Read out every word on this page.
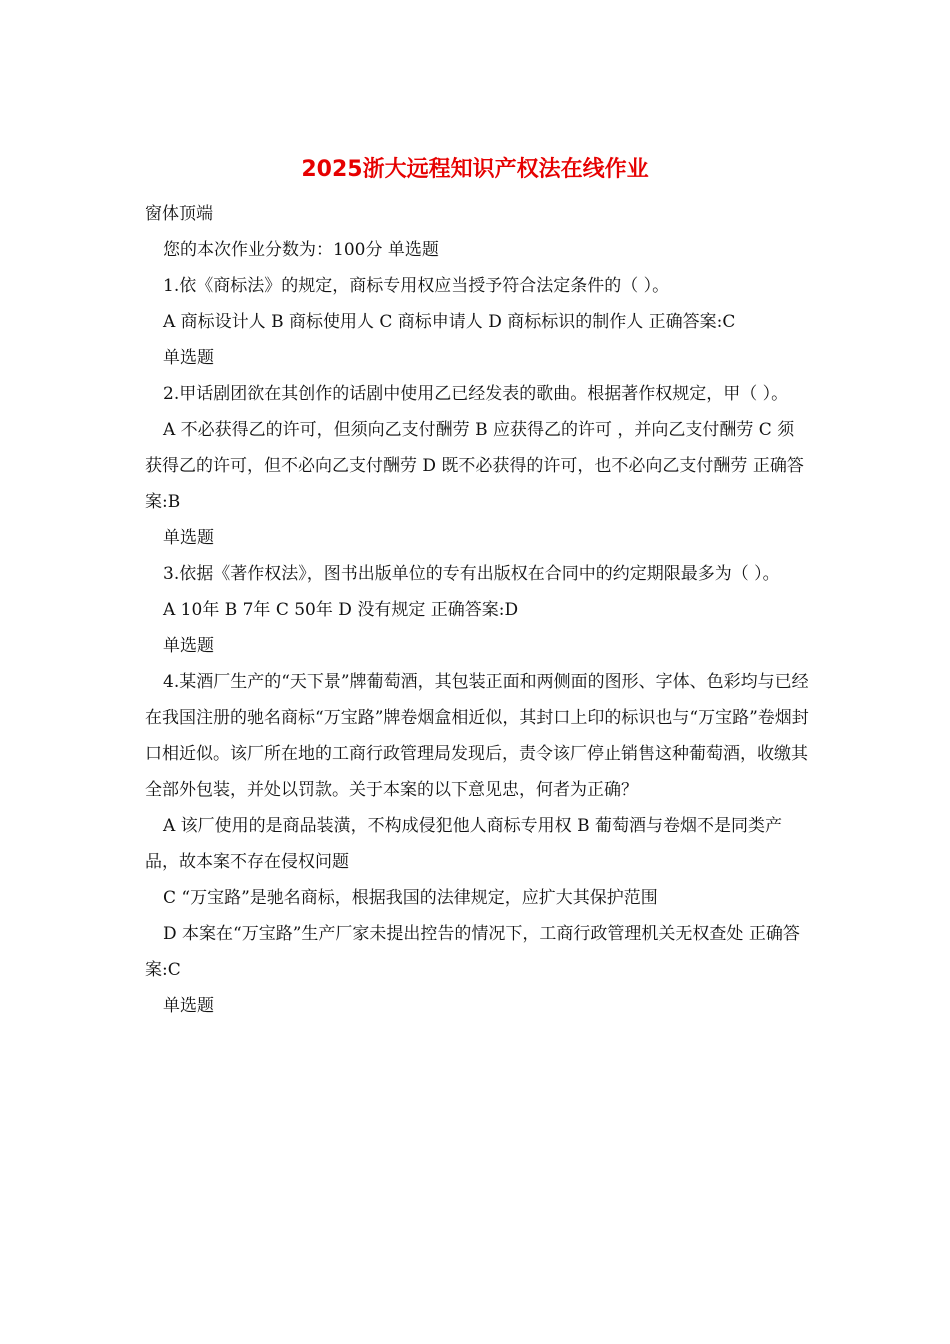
2025浙大远程知识产权法在线作业

窗体顶端

您的本次作业分数为：100分 单选题

1.依《商标法》的规定，商标专用权应当授予符合法定条件的（ ）。

A 商标设计人 B 商标使用人 C 商标申请人 D 商标标识的制作人 正确答案:C

单选题

2.甲话剧团欲在其创作的话剧中使用乙已经发表的歌曲。根据著作权规定，甲（ ）。

A 不必获得乙的许可，但须向乙支付酬劳 B 应获得乙的许可 ，并向乙支付酬劳 C 须获得乙的许可，但不必向乙支付酬劳 D 既不必获得的许可，也不必向乙支付酬劳 正确答案:B

单选题

3.依据《著作权法》，图书出版单位的专有出版权在合同中的约定期限最多为（ ）。

A 10年 B 7年 C 50年 D 没有规定 正确答案:D

单选题

4.某酒厂生产的“天下景”牌葡萄酒，其包装正面和两侧面的图形、字体、色彩均与已经在我国注册的驰名商标“万宝路”牌卷烟盒相近似，其封口上印的标识也与“万宝路”卷烟封口相近似。该厂所在地的工商行政管理局发现后，责令该厂停止销售这种葡萄酒，收缴其全部外包装，并处以罚款。关于本案的以下意见忠，何者为正确？

A 该厂使用的是商品装潢，不构成侵犯他人商标专用权 B 葡萄酒与卷烟不是同类产品，故本案不存在侵权问题

C “万宝路”是驰名商标，根据我国的法律规定，应扩大其保护范围

D 本案在“万宝路”生产厂家未提出控告的情况下，工商行政管理机关无权查处 正确答案:C

单选题
